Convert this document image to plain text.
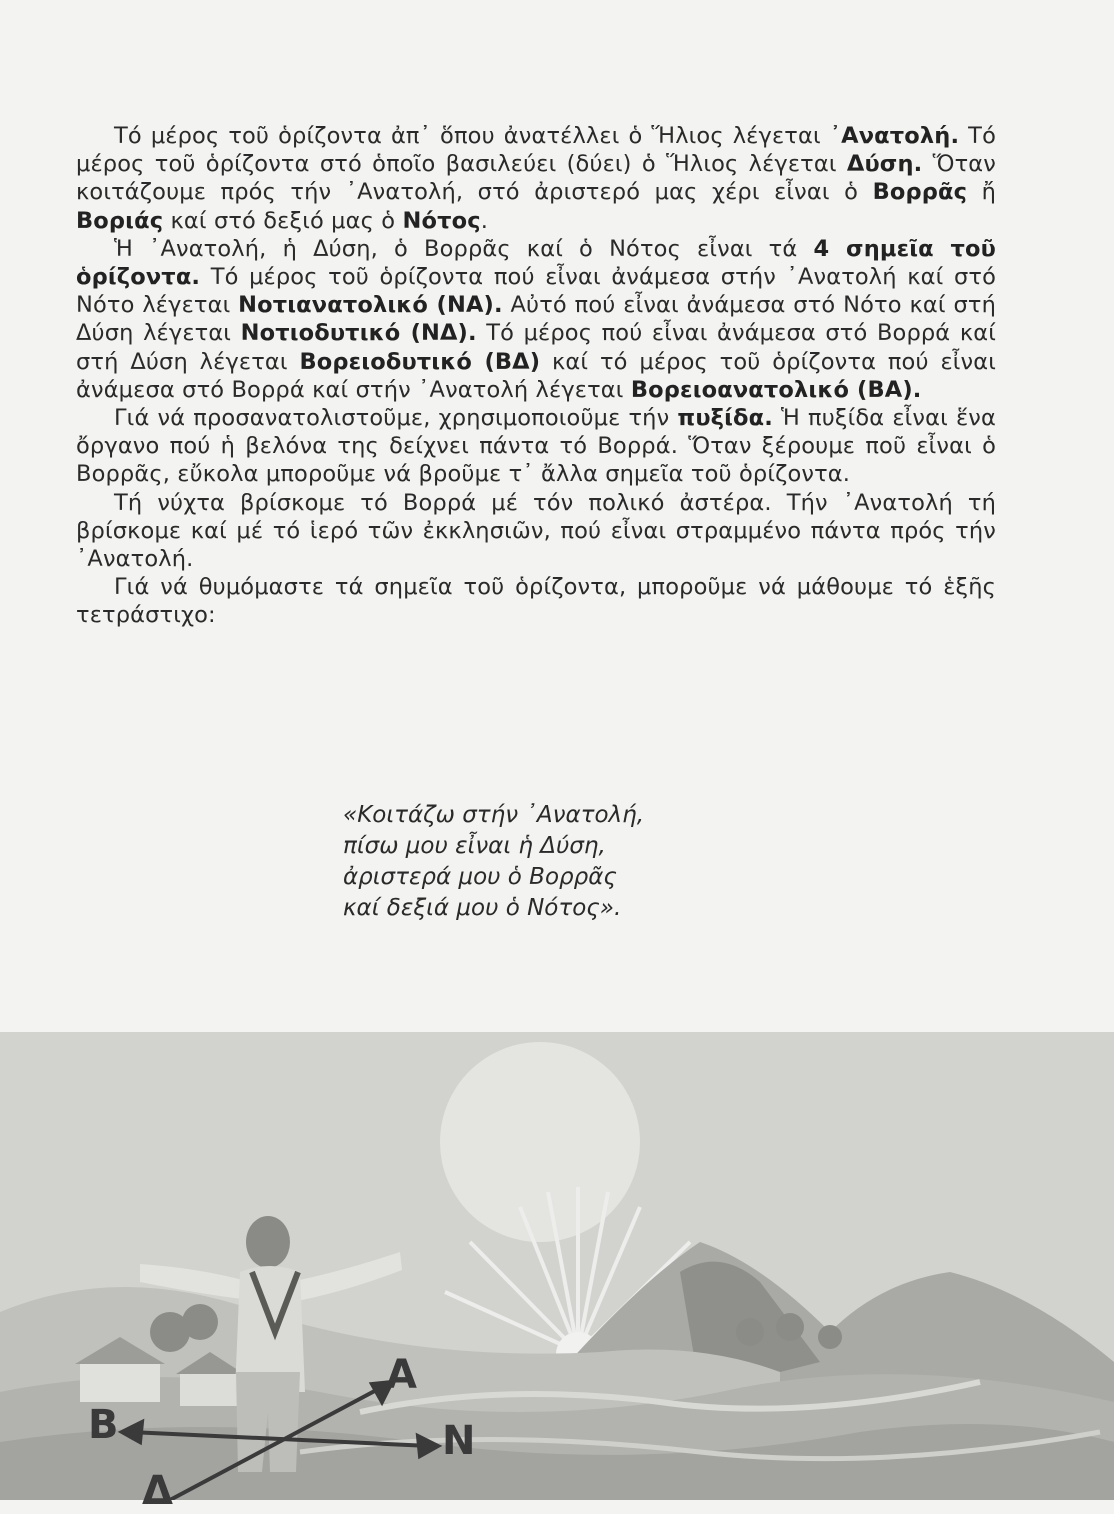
Τό μέρος τοῦ ὁρίζοντα ἀπ᾽ ὅπου ἀνατέλλει ὁ Ἥλιος λέγεται ᾽Ανατολή. Τό μέρος τοῦ ὁρίζοντα στό ὁποῖο βασιλεύει (δύει) ὁ Ἥλιος λέγεται Δύση. Ὅταν κοιτάζουμε πρός τήν ᾽Ανατολή, στό ἀριστερό μας χέρι εἶναι ὁ Βορρᾶς ἤ Βοριάς καί στό δεξιό μας ὁ Νότος.

Ἡ ᾽Ανατολή, ἡ Δύση, ὁ Βορρᾶς καί ὁ Νότος εἶναι τά 4 σημεῖα τοῦ ὁρίζοντα. Τό μέρος τοῦ ὁρίζοντα πού εἶναι ἀνάμεσα στήν ᾽Ανατολή καί στό Νότο λέγεται Νοτιανατολικό (ΝΑ). Αὐτό πού εἶναι ἀνάμεσα στό Νότο καί στή Δύση λέγεται Νοτιοδυτικό (ΝΔ). Τό μέρος πού εἶναι ἀνάμεσα στό Βορρά καί στή Δύση λέγεται Βορειοδυτικό (ΒΔ) καί τό μέρος τοῦ ὁρίζοντα πού εἶναι ἀνάμεσα στό Βορρά καί στήν ᾽Ανατολή λέγεται Βορειοανατολικό (ΒΑ).

Γιά νά προσανατολιστοῦμε, χρησιμοποιοῦμε τήν πυξίδα. Ἡ πυξίδα εἶναι ἕνα ὄργανο πού ἡ βελόνα της δείχνει πάντα τό Βορρά. Ὅταν ξέρουμε ποῦ εἶναι ὁ Βορρᾶς, εὔκολα μποροῦμε νά βροῦμε τ᾽ ἄλλα σημεῖα τοῦ ὁρίζοντα.

Τή νύχτα βρίσκομε τό Βορρά μέ τόν πολικό ἀστέρα. Τήν ᾽Ανατολή τή βρίσκομε καί μέ τό ἱερό τῶν ἐκκλησιῶν, πού εἶναι στραμμένο πάντα πρός τήν ᾽Ανατολή.

Γιά νά θυμόμαστε τά σημεῖα τοῦ ὁρίζοντα, μποροῦμε νά μάθουμε τό ἑξῆς τετράστιχο:

«Κοιτάζω στήν ᾽Ανατολή,
πίσω μου εἶναι ἡ Δύση,
ἀριστερά μου ὁ Βορρᾶς
καί δεξιά μου ὁ Νότος».
Β
Α
Ν
Δ
